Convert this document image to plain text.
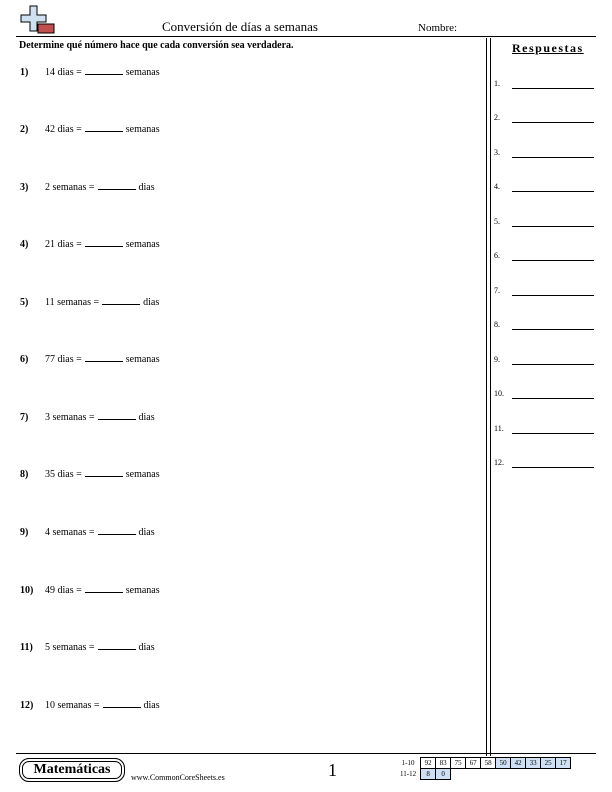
Conversión de días a semanas	Nombre:
Determine qué número hace que cada conversión sea verdadera.
1) 14 dias =	semanas
2) 42 dias =	semanas
3) 2 semanas =	dias
4) 21 dias =	semanas
5) 11 semanas =	dias
6) 77 dias =	semanas
7) 3 semanas =	dias
8) 35 dias =	semanas
9) 4 semanas =	dias
10) 49 dias =	semanas
11) 5 semanas =	dias
12) 10 semanas =	dias
Respuestas
1.
2.
3.
4.
5.
6.
7.
8.
9.
10.
11.
12.
Matemáticas
www.CommonCoreSheets.es	1	1-10	92	83	75	67	58	50	42	33	25	17
11-12	8	0								
